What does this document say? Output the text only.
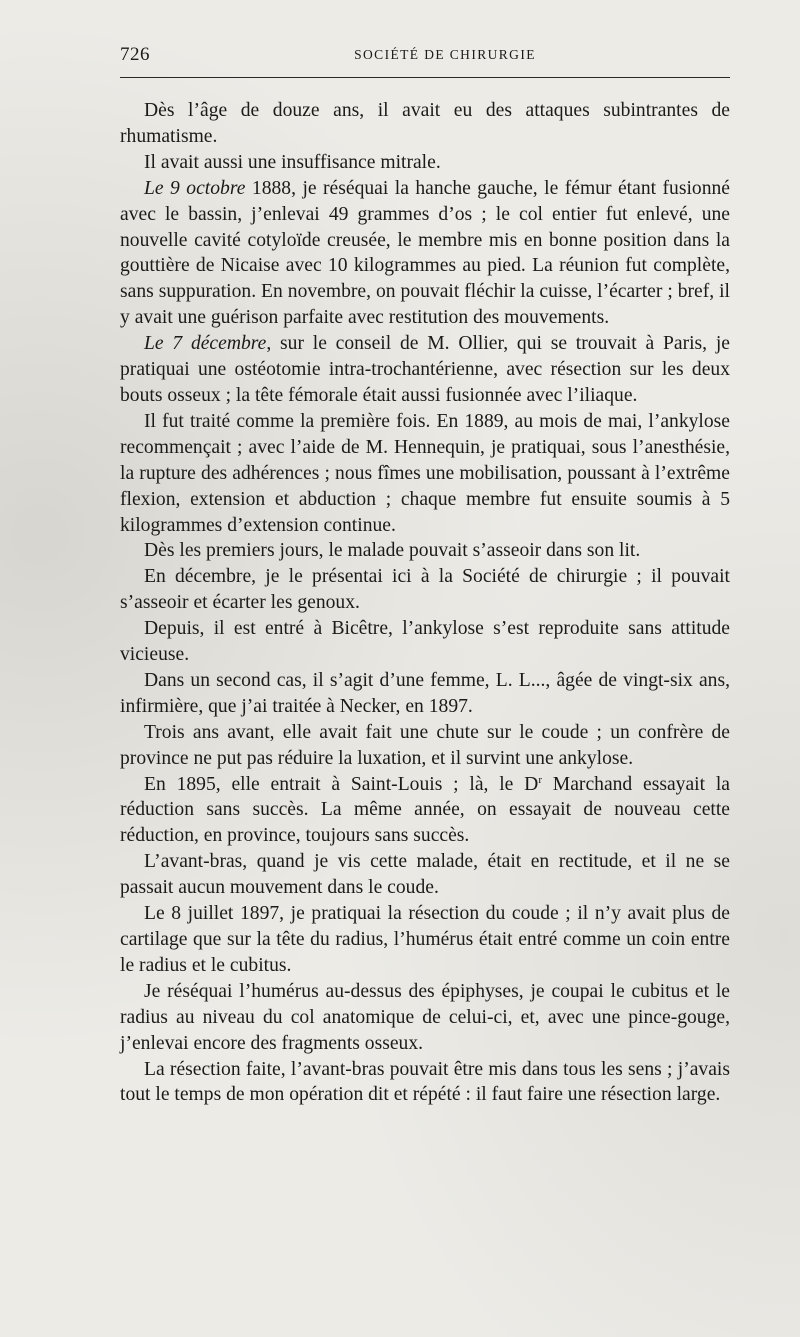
726	SOCIÉTÉ DE CHIRURGIE

Dès l’âge de douze ans, il avait eu des attaques subintrantes de rhumatisme.

Il avait aussi une insuffisance mitrale.

Le 9 octobre 1888, je réséquai la hanche gauche, le fémur étant fusionné avec le bassin, j’enlevai 49 grammes d’os ; le col entier fut enlevé, une nouvelle cavité cotyloïde creusée, le membre mis en bonne position dans la gouttière de Nicaise avec 10 kilogrammes au pied. La réunion fut complète, sans suppuration. En novembre, on pouvait fléchir la cuisse, l’écarter ; bref, il y avait une guérison parfaite avec restitution des mouvements.

Le 7 décembre, sur le conseil de M. Ollier, qui se trouvait à Paris, je pratiquai une ostéotomie intra-trochantérienne, avec résection sur les deux bouts osseux ; la tête fémorale était aussi fusionnée avec l’iliaque.

Il fut traité comme la première fois. En 1889, au mois de mai, l’ankylose recommençait ; avec l’aide de M. Hennequin, je pratiquai, sous l’anesthésie, la rupture des adhérences ; nous fîmes une mobilisation, poussant à l’extrême flexion, extension et abduction ; chaque membre fut ensuite soumis à 5 kilogrammes d’extension continue.

Dès les premiers jours, le malade pouvait s’asseoir dans son lit.

En décembre, je le présentai ici à la Société de chirurgie ; il pouvait s’asseoir et écarter les genoux.

Depuis, il est entré à Bicêtre, l’ankylose s’est reproduite sans attitude vicieuse.

Dans un second cas, il s’agit d’une femme, L. L..., âgée de vingt-six ans, infirmière, que j’ai traitée à Necker, en 1897.

Trois ans avant, elle avait fait une chute sur le coude ; un confrère de province ne put pas réduire la luxation, et il survint une ankylose.

En 1895, elle entrait à Saint-Louis ; là, le $D^r$ Marchand essayait la réduction sans succès. La même année, on essayait de nouveau cette réduction, en province, toujours sans succès.

L’avant-bras, quand je vis cette malade, était en rectitude, et il ne se passait aucun mouvement dans le coude.

Le 8 juillet 1897, je pratiquai la résection du coude ; il n’y avait plus de cartilage que sur la tête du radius, l’humérus était entré comme un coin entre le radius et le cubitus.

Je réséquai l’humérus au-dessus des épiphyses, je coupai le cubitus et le radius au niveau du col anatomique de celui-ci, et, avec une pince-gouge, j’enlevai encore des fragments osseux.

La résection faite, l’avant-bras pouvait être mis dans tous les sens ; j’avais tout le temps de mon opération dit et répété : il faut faire une résection large.
